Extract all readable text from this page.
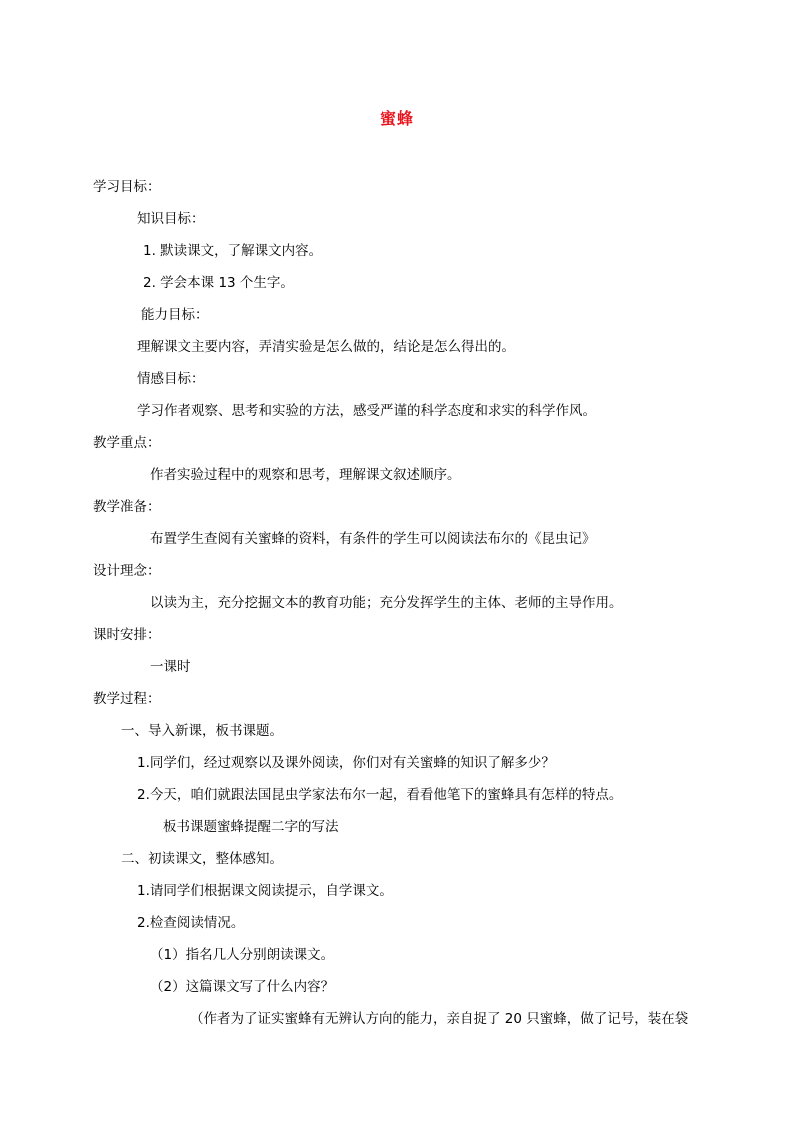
蜜蜂
学习目标：
知识目标：
1. 默读课文，了解课文内容。
2. 学会本课 13 个生字。
能力目标：
理解课文主要内容，弄清实验是怎么做的，结论是怎么得出的。
情感目标：
学习作者观察、思考和实验的方法，感受严谨的科学态度和求实的科学作风。
教学重点：
作者实验过程中的观察和思考，理解课文叙述顺序。
教学准备：
布置学生查阅有关蜜蜂的资料，有条件的学生可以阅读法布尔的《昆虫记》
设计理念：
以读为主，充分挖掘文本的教育功能；充分发挥学生的主体、老师的主导作用。
课时安排：
一课时
教学过程：
一、导入新课，板书课题。
1.同学们，经过观察以及课外阅读，你们对有关蜜蜂的知识了解多少？
2.今天，咱们就跟法国昆虫学家法布尔一起，看看他笔下的蜜蜂具有怎样的特点。
板书课题蜜蜂提醒二字的写法
二、初读课文，整体感知。
1.请同学们根据课文阅读提示，自学课文。
2.检查阅读情况。
（1）指名几人分别朗读课文。
（2）这篇课文写了什么内容？
（作者为了证实蜜蜂有无辨认方向的能力，亲自捉了 20 只蜜蜂，做了记号，装在袋
